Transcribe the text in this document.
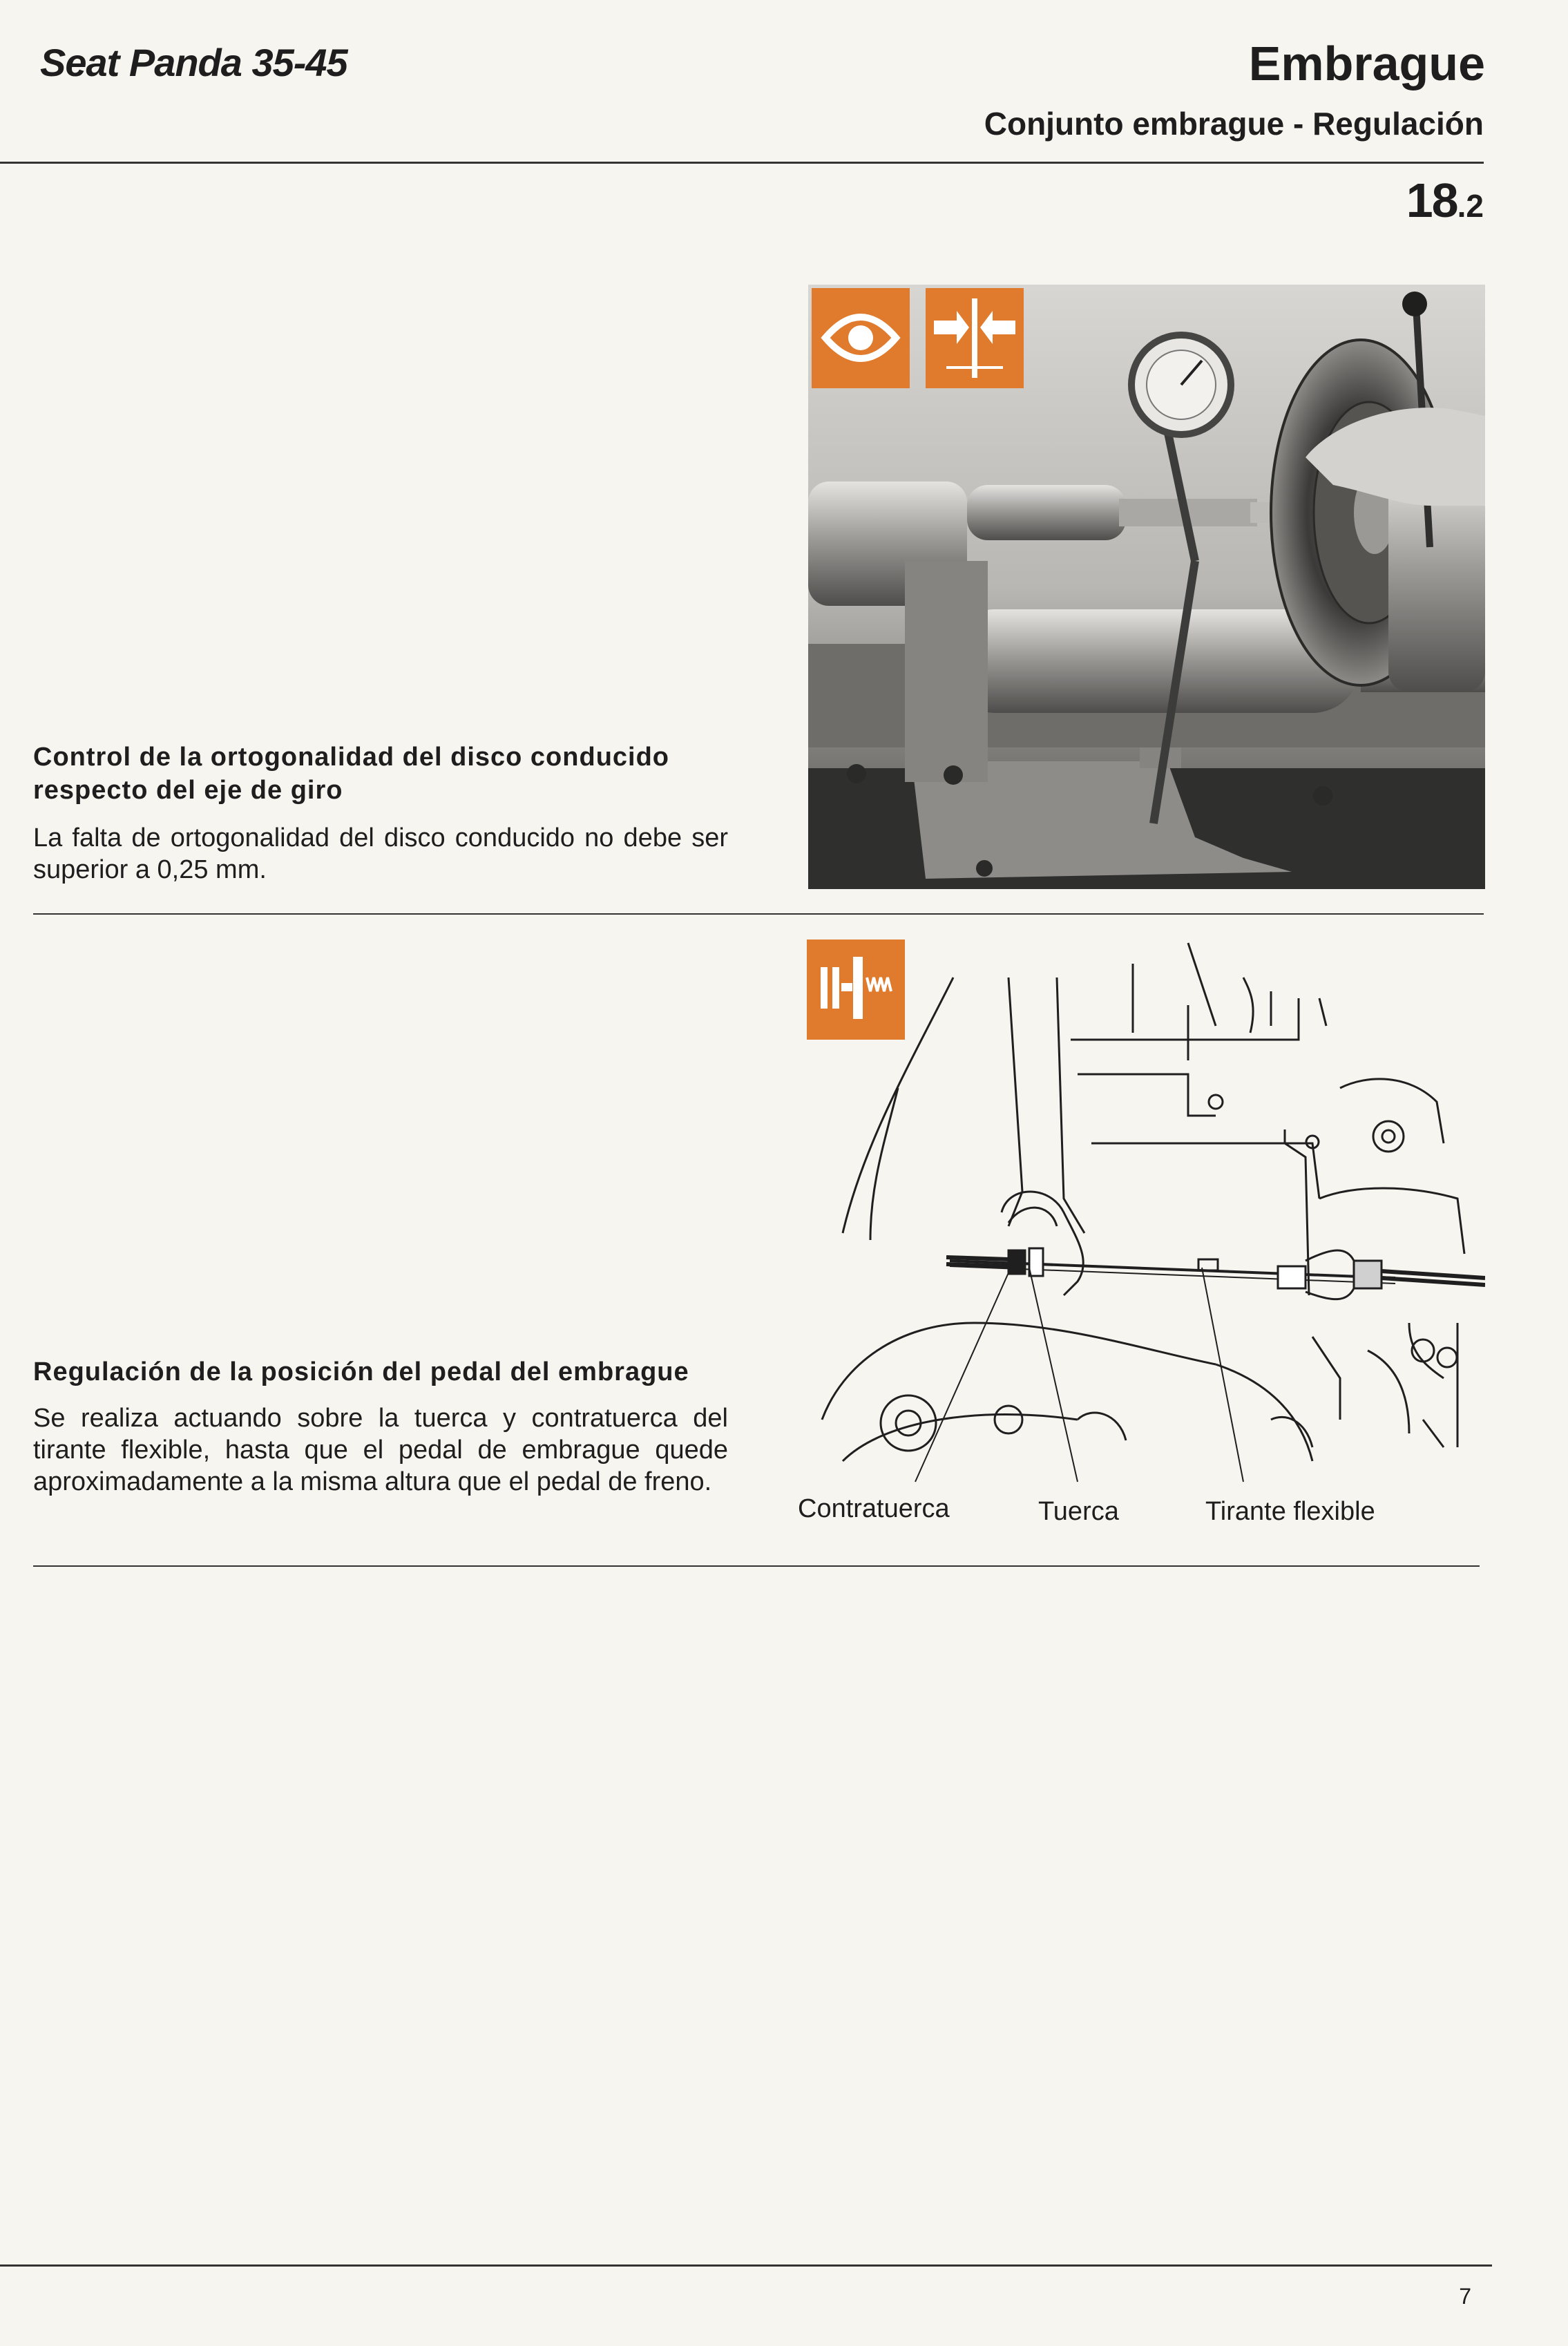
Seat Panda 35-45	Embrague
Conjunto embrague - Regulación
18.2
Control de la ortogonalidad del disco conducido respecto del eje de giro
La falta de ortogonalidad del disco conducido no debe ser superior a 0,25 mm.
Contratuerca	Tuerca	Tirante flexible
Regulación de la posición del pedal del embrague
Se realiza actuando sobre la tuerca y contratuerca del tirante flexible, hasta que el pedal de embrague quede aproximadamente a la misma altura que el pedal de freno.
7
